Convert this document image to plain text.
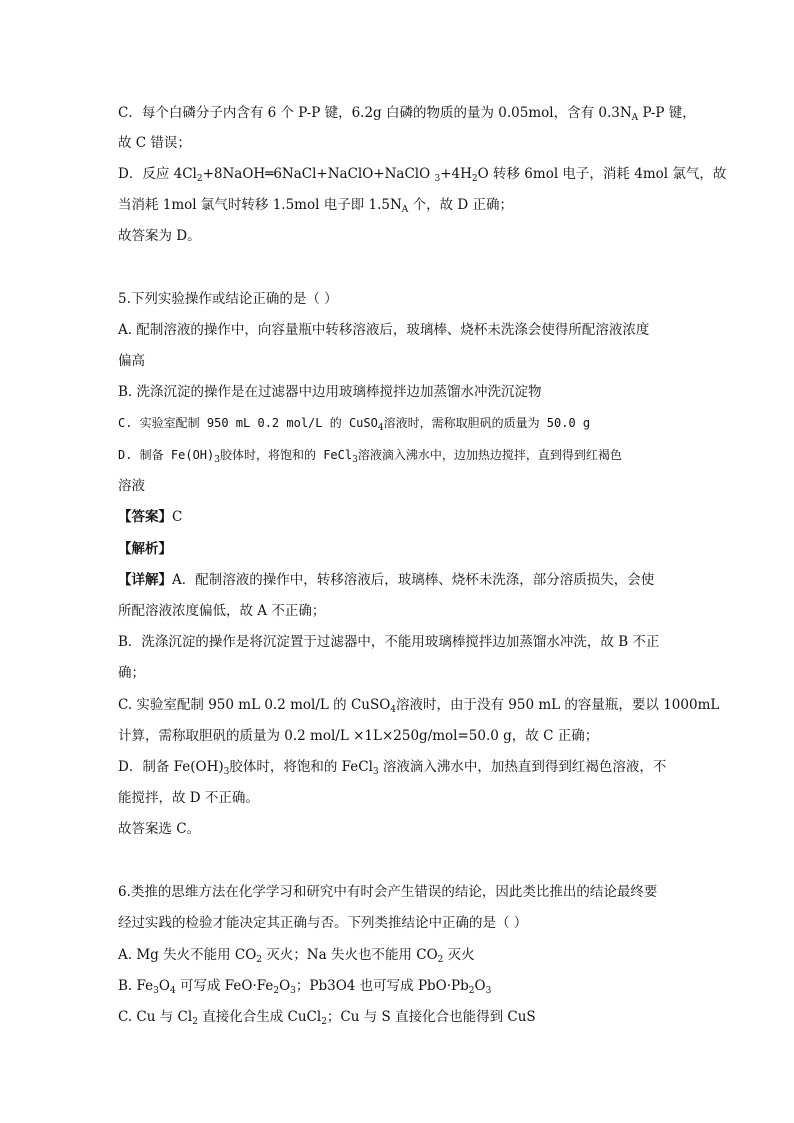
C．每个白磷分子内含有 6 个 P-P 键，6.2g 白磷的物质的量为 0.05mol，含有 $0.3N_A$ P-P 键，
故 C 错误；
D．反应 $4Cl_2+8NaOH═6NaCl+NaClO+NaClO$ $_3+4H_2O$ 转移 6mol 电子，消耗 4mol 氯气，故
当消耗 1mol 氯气时转移 1.5mol 电子即 $1.5N_A$ 个，故 D 正确；
故答案为 D。
5.下列实验操作或结论正确的是（ ）
A. 配制溶液的操作中，向容量瓶中转移溶液后，玻璃棒、烧杯未洗涤会使得所配溶液浓度
偏高
B. 洗涤沉淀的操作是在过滤器中边用玻璃棒搅拌边加蒸馏水冲洗沉淀物
C. 实验室配制 950 mL 0.2 mol/L 的 CuSO$_4$溶液时，需称取胆矾的质量为 50.0 g
D. 制备 $Fe(OH)_3$胶体时，将饱和的 FeCl$_3$溶液滴入沸水中，边加热边搅拌，直到得到红褐色
溶液
【答案】C
【解析】
【详解】A．配制溶液的操作中，转移溶液后，玻璃棒、烧杯未洗涤，部分溶质损失，会使
所配溶液浓度偏低，故 A 不正确；
B．洗涤沉淀的操作是将沉淀置于过滤器中，不能用玻璃棒搅拌边加蒸馏水冲洗，故 B 不正
确；
C. 实验室配制 950 mL 0.2 mol/L 的 CuSO$_4$溶液时，由于没有 950 mL 的容量瓶，要以 1000mL
计算，需称取胆矾的质量为 0.2 mol/L ×1L×250g/mol=50.0 g，故 C 正确；
D．制备 $Fe(OH)_3$胶体时，将饱和的 FeCl$_3$ 溶液滴入沸水中，加热直到得到红褐色溶液，不
能搅拌，故 D 不正确。
故答案选 C。
6.类推的思维方法在化学学习和研究中有时会产生错误的结论，因此类比推出的结论最终要
经过实践的检验才能决定其正确与否。下列类推结论中正确的是（ ）
A. Mg 失火不能用 $CO_2$ 灭火；Na 失火也不能用 $CO_2$ 灭火
B. $Fe_3O_4$ 可写成 $FeO\cdot Fe_2O_3$；Pb3O4 也可写成 $PbO\cdot Pb_2O_3$
C. Cu 与 $Cl_2$ 直接化合生成 CuCl$_2$；Cu 与 S 直接化合也能得到 CuS
